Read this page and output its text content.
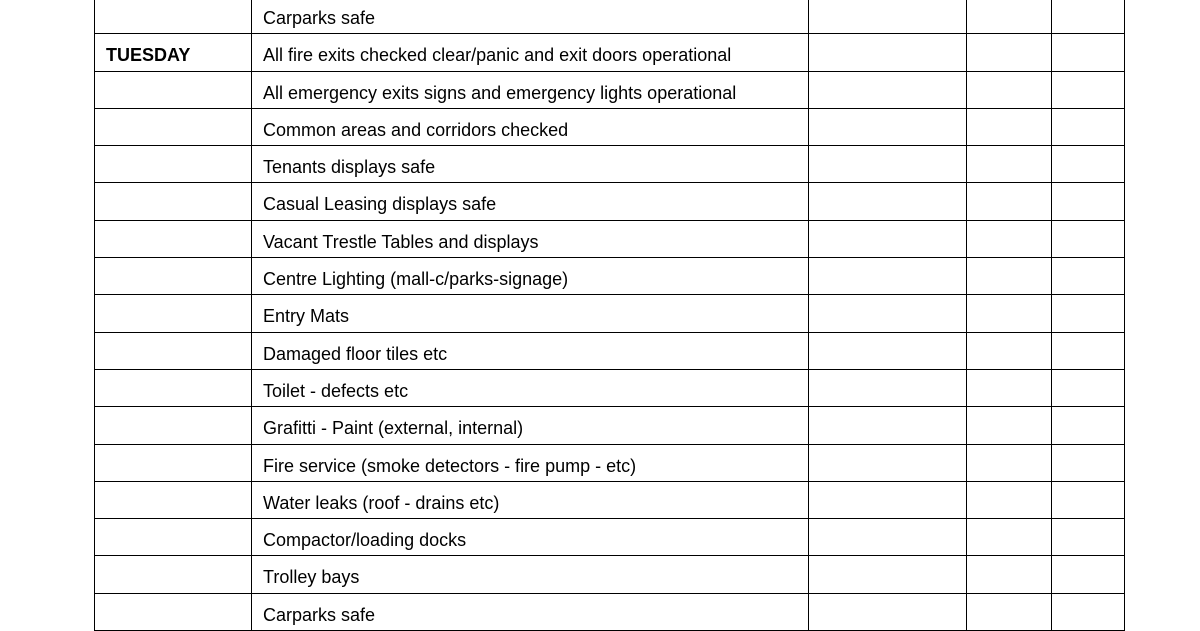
	Carparks safe			

TUESDAY	All fire exits checked clear/panic and exit doors operational			

	All emergency exits signs and emergency lights operational			

	Common areas and corridors checked			

	Tenants displays safe			

	Casual Leasing displays safe			

	Vacant Trestle Tables and displays			

	Centre Lighting (mall-c/parks-signage)			

	Entry Mats			

	Damaged floor tiles etc			

	Toilet - defects etc			

	Grafitti - Paint (external, internal)			

	Fire service (smoke detectors - fire pump - etc)			

	Water leaks (roof - drains etc)			

	Compactor/loading docks			

	Trolley bays			

	Carparks safe			
